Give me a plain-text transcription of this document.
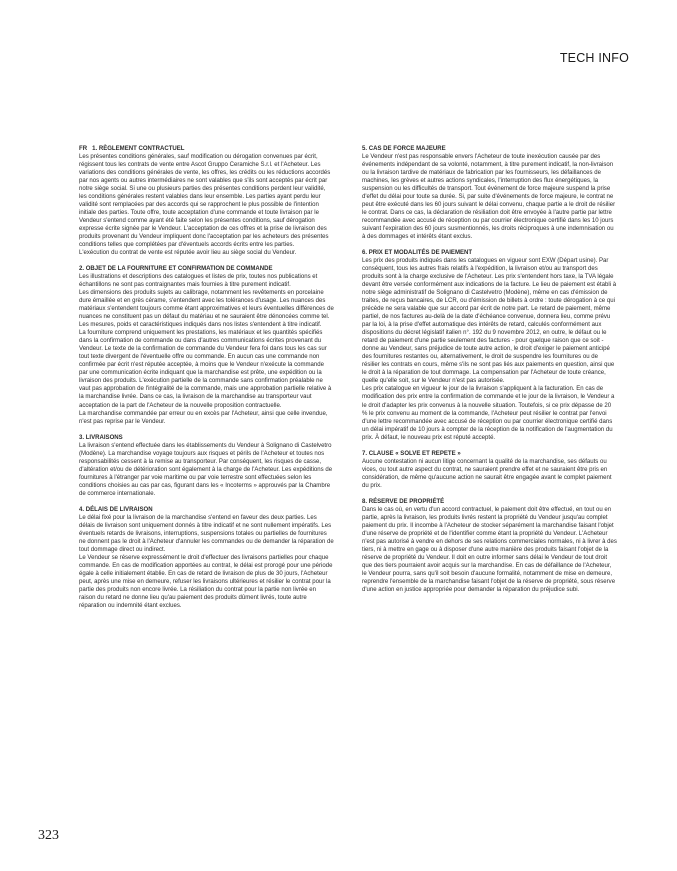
TECH INFO
FR 1. RÈGLEMENT CONTRACTUEL

Les présentes conditions générales, sauf modification ou dérogation convenues par écrit, régissent tous les contrats de vente entre Ascot Gruppo Ceramiche S.r.l. et l'Acheteur. Les variations des conditions générales de vente, les offres, les crédits ou les réductions accordés par nos agents ou autres intermédiaires ne sont valables que s'ils sont acceptés par écrit par notre siège social. Si une ou plusieurs parties des présentes conditions perdent leur validité, les conditions générales restent valables dans leur ensemble. Les parties ayant perdu leur validité sont remplacées par des accords qui se rapprochent le plus possible de l'intention initiale des parties. Toute offre, toute acceptation d'une commande et toute livraison par le Vendeur s'entend comme ayant été faite selon les présentes conditions, sauf dérogation expresse écrite signée par le Vendeur. L'acceptation de ces offres et la prise de livraison des produits provenant du Vendeur impliquent donc l'acceptation par les acheteurs des présentes conditions telles que complétées par d'éventuels accords écrits entre les parties.

L'exécution du contrat de vente est réputée avoir lieu au siège social du Vendeur.

2. OBJET DE LA FOURNITURE ET CONFIRMATION DE COMMANDE

Les illustrations et descriptions des catalogues et listes de prix, toutes nos publications et échantillons ne sont pas contraignantes mais fournies à titre purement indicatif.

Les dimensions des produits sujets au calibrage, notamment les revêtements en porcelaine dure émaillée et en grès cérame, s'entendent avec les tolérances d'usage. Les nuances des matériaux s'entendent toujours comme étant approximatives et leurs éventuelles différences de nuances ne constituent pas un défaut du matériau et ne sauraient être dénoncées comme tel. Les mesures, poids et caractéristiques indiqués dans nos listes s'entendent à titre indicatif.

La fourniture comprend uniquement les prestations, les matériaux et les quantités spécifiés dans la confirmation de commande ou dans d'autres communications écrites provenant du Vendeur. Le texte de la confirmation de commande du Vendeur fera foi dans tous les cas sur tout texte divergent de l'éventuelle offre ou commande. En aucun cas une commande non confirmée par écrit n'est réputée acceptée, à moins que le Vendeur n'exécute la commande par une communication écrite indiquant que la marchandise est prête, une expédition ou la livraison des produits. L'exécution partielle de la commande sans confirmation préalable ne vaut pas approbation de l'intégralité de la commande, mais une approbation partielle relative à la marchandise livrée. Dans ce cas, la livraison de la marchandise au transporteur vaut acceptation de la part de l'Acheteur de la nouvelle proposition contractuelle.

La marchandise commandée par erreur ou en excès par l'Acheteur, ainsi que celle invendue, n'est pas reprise par le Vendeur.

3. LIVRAISONS

La livraison s'entend effectuée dans les établissements du Vendeur à Solignano di Castelvetro (Modène). La marchandise voyage toujours aux risques et périls de l'Acheteur et toutes nos responsabilités cessent à la remise au transporteur. Par conséquent, les risques de casse, d'altération et/ou de détérioration sont également à la charge de l'Acheteur. Les expéditions de fournitures à l'étranger par voie maritime ou par voie terrestre sont effectuées selon les conditions choisies au cas par cas, figurant dans les « Incoterms » approuvés par la Chambre de commerce internationale.

4. DÉLAIS DE LIVRAISON

Le délai fixé pour la livraison de la marchandise s'entend en faveur des deux parties. Les délais de livraison sont uniquement donnés à titre indicatif et ne sont nullement impératifs. Les éventuels retards de livraisons, interruptions, suspensions totales ou partielles de fournitures ne donnent pas le droit à l'Acheteur d'annuler les commandes ou de demander la réparation de tout dommage direct ou indirect.

Le Vendeur se réserve expressément le droit d'effectuer des livraisons partielles pour chaque commande. En cas de modification apportées au contrat, le délai est prorogé pour une période égale à celle initialement établie. En cas de retard de livraison de plus de 30 jours, l'Acheteur peut, après une mise en demeure, refuser les livraisons ultérieures et résilier le contrat pour la partie des produits non encore livrée. La résiliation du contrat pour la partie non livrée en raison du retard ne donne lieu qu'au paiement des produits dûment livrés, toute autre réparation ou indemnité étant exclues.

5. CAS DE FORCE MAJEURE

Le Vendeur n'est pas responsable envers l'Acheteur de toute inexécution causée par des événements indépendant de sa volonté, notamment, à titre purement indicatif, la non-livraison ou la livraison tardive de matériaux de fabrication par les fournisseurs, les défaillances de machines, les grèves et autres actions syndicales, l'interruption des flux énergétiques, la suspension ou les difficultés de transport. Tout événement de force majeure suspend la prise d'effet du délai pour toute sa durée. Si, par suite d'événements de force majeure, le contrat ne peut être exécuté dans les 60 jours suivant le délai convenu, chaque partie a le droit de résilier le contrat. Dans ce cas, la déclaration de résiliation doit être envoyée à l'autre partie par lettre recommandée avec accusé de réception ou par courrier électronique certifié dans les 10 jours suivant l'expiration des 60 jours susmentionnés, les droits réciproques à une indemnisation ou à des dommages et intérêts étant exclus.

6. PRIX ET MODALITÉS DE PAIEMENT

Les prix des produits indiqués dans les catalogues en vigueur sont EXW (Départ usine). Par conséquent, tous les autres frais relatifs à l'expédition, la livraison et/ou au transport des produits sont à la charge exclusive de l'Acheteur. Les prix s'entendent hors taxe, la TVA légale devant être versée conformément aux indications de la facture. Le lieu de paiement est établi à notre siège administratif de Solignano di Castelvetro (Modène), même en cas d'émission de traites, de reçus bancaires, de LCR, ou d'émission de billets à ordre : toute dérogation à ce qui précède ne sera valable que sur accord par écrit de notre part. Le retard de paiement, même partiel, de nos factures au-delà de la date d'échéance convenue, donnera lieu, comme prévu par la loi, à la prise d'effet automatique des intérêts de retard, calculés conformément aux dispositions du décret législatif italien n°. 192 du 9 novembre 2012, en outre, le défaut ou le retard de paiement d'une partie seulement des factures - pour quelque raison que ce soit - donne au Vendeur, sans préjudice de toute autre action, le droit d'exiger le paiement anticipé des fournitures restantes ou, alternativement, le droit de suspendre les fournitures ou de résilier les contrats en cours, même s'ils ne sont pas liés aux paiements en question, ainsi que le droit à la réparation de tout dommage. La compensation par l'Acheteur de toute créance, quelle qu'elle soit, sur le Vendeur n'est pas autorisée.

Les prix catalogue en vigueur le jour de la livraison s'appliquent à la facturation. En cas de modification des prix entre la confirmation de commande et le jour de la livraison, le Vendeur a le droit d'adapter les prix convenus à la nouvelle situation. Toutefois, si ce prix dépasse de 20 % le prix convenu au moment de la commande, l'Acheteur peut résilier le contrat par l'envoi d'une lettre recommandée avec accusé de réception ou par courrier électronique certifié dans un délai impératif de 10 jours à compter de la réception de la notification de l'augmentation du prix. À défaut, le nouveau prix est réputé accepté.

7. CLAUSE « SOLVE ET REPETE »

Aucune contestation ni aucun litige concernant la qualité de la marchandise, ses défauts ou vices, ou tout autre aspect du contrat, ne sauraient prendre effet et ne sauraient être pris en considération, de même qu'aucune action ne saurait être engagée avant le complet paiement du prix.

8. RÉSERVE DE PROPRIÉTÉ

Dans le cas où, en vertu d'un accord contractuel, le paiement doit être effectué, en tout ou en partie, après la livraison, les produits livrés restent la propriété du Vendeur jusqu'au complet paiement du prix. Il incombe à l'Acheteur de stocker séparément la marchandise faisant l'objet d'une réserve de propriété et de l'identifier comme étant la propriété du Vendeur. L'Acheteur n'est pas autorisé à vendre en dehors de ses relations commerciales normales, ni à livrer à des tiers, ni à mettre en gage ou à disposer d'une autre manière des produits faisant l'objet de la réserve de propriété du Vendeur. Il doit en outre informer sans délai le Vendeur de tout droit que des tiers pourraient avoir acquis sur la marchandise. En cas de défaillance de l'Acheteur, le Vendeur pourra, sans qu'il soit besoin d'aucune formalité, notamment de mise en demeure, reprendre l'ensemble de la marchandise faisant l'objet de la réserve de propriété, sous réserve d'une action en justice appropriée pour demander la réparation du préjudice subi.

323
